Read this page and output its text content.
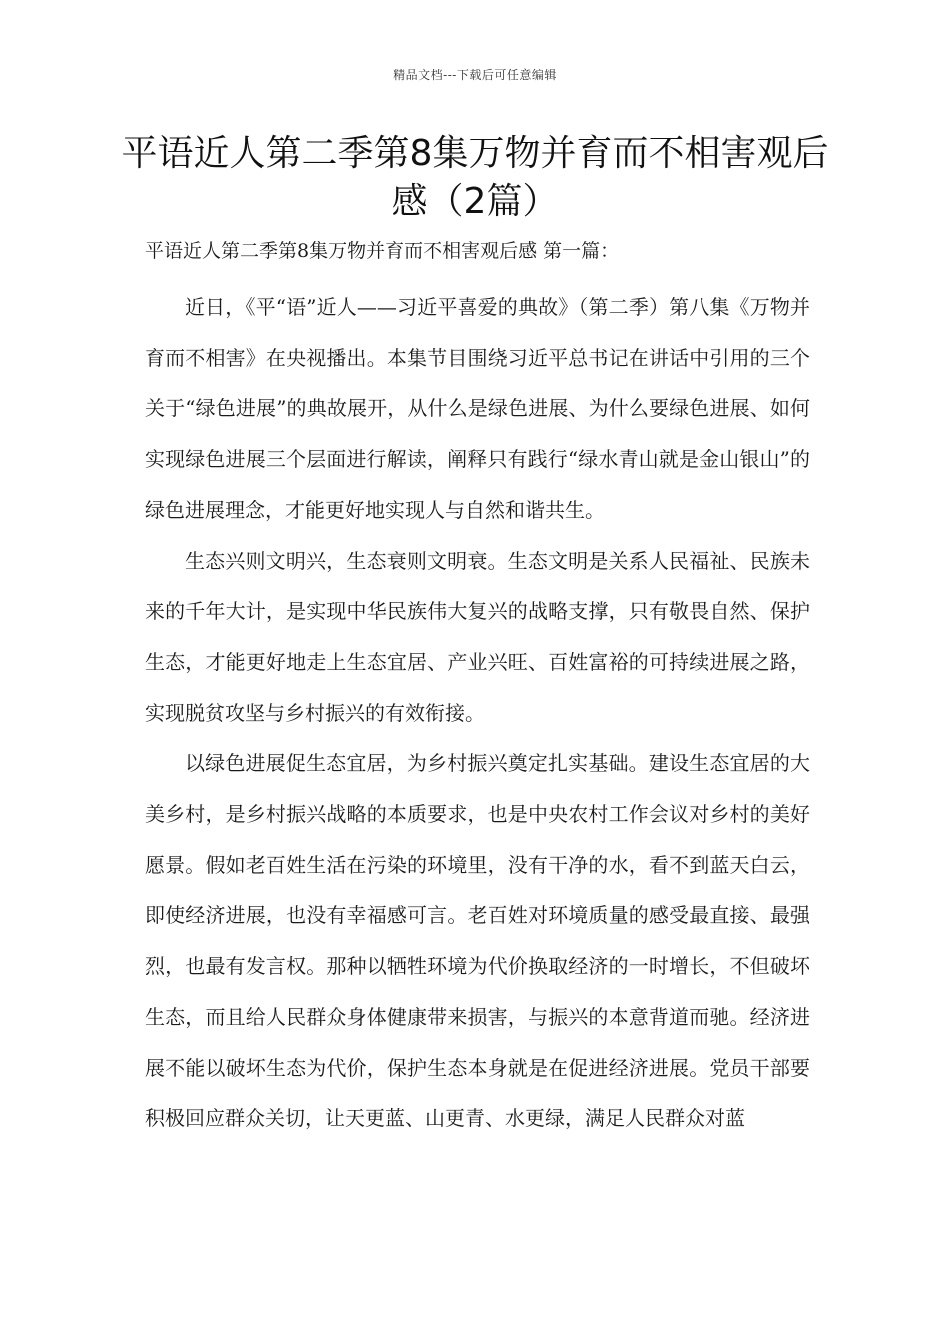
精品文档---下载后可任意编辑
平语近人第二季第8集万物并育而不相害观后感（2篇）
平语近人第二季第8集万物并育而不相害观后感 第一篇：

近日，《平“语”近人——习近平喜爱的典故》（第二季）第八集《万物并育而不相害》在央视播出。本集节目围绕习近平总书记在讲话中引用的三个关于“绿色进展”的典故展开，从什么是绿色进展、为什么要绿色进展、如何实现绿色进展三个层面进行解读，阐释只有践行“绿水青山就是金山银山”的绿色进展理念，才能更好地实现人与自然和谐共生。

生态兴则文明兴，生态衰则文明衰。生态文明是关系人民福祉、民族未来的千年大计，是实现中华民族伟大复兴的战略支撑，只有敬畏自然、保护生态，才能更好地走上生态宜居、产业兴旺、百姓富裕的可持续进展之路，实现脱贫攻坚与乡村振兴的有效衔接。

以绿色进展促生态宜居，为乡村振兴奠定扎实基础。建设生态宜居的大美乡村，是乡村振兴战略的本质要求，也是中央农村工作会议对乡村的美好愿景。假如老百姓生活在污染的环境里，没有干净的水，看不到蓝天白云，即使经济进展，也没有幸福感可言。老百姓对环境质量的感受最直接、最强烈，也最有发言权。那种以牺牲环境为代价换取经济的一时增长，不但破坏生态，而且给人民群众身体健康带来损害，与振兴的本意背道而驰。经济进展不能以破坏生态为代价，保护生态本身就是在促进经济进展。党员干部要积极回应群众关切，让天更蓝、山更青、水更绿，满足人民群众对蓝
